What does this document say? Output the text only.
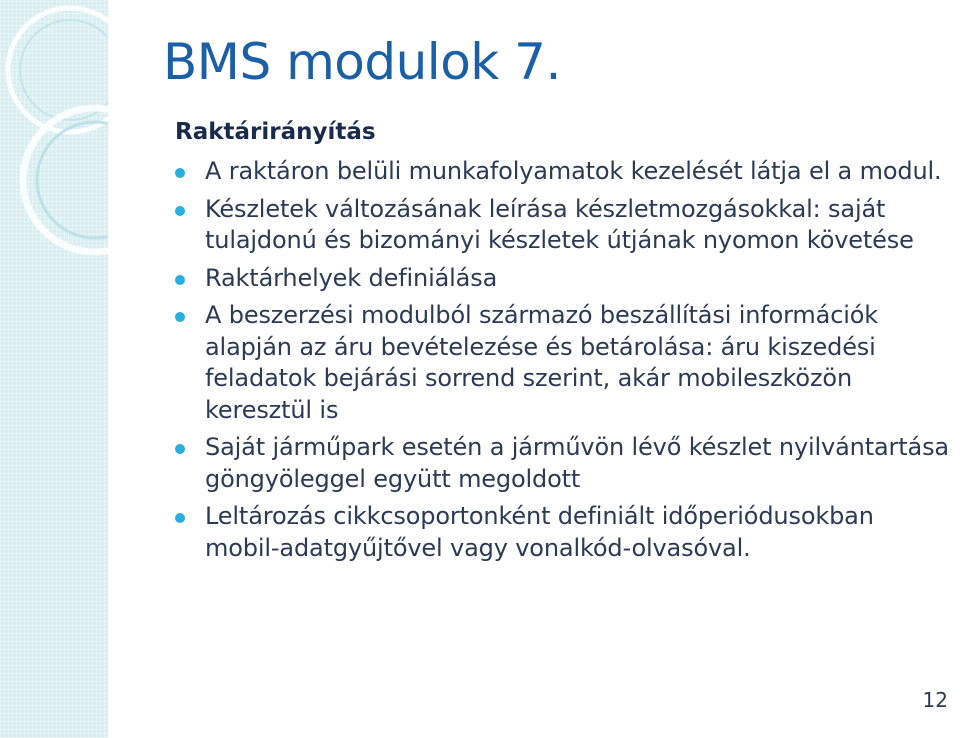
BMS modulok 7.
Raktárirányítás
A raktáron belüli munkafolyamatok kezelését látja el a modul.
Készletek változásának leírása készletmozgásokkal: saját tulajdonú és bizományi készletek útjának nyomon követése
Raktárhelyek definiálása
A beszerzési modulból származó beszállítási információk alapján az áru bevételezése és betárolása: áru kiszedési feladatok bejárási sorrend szerint, akár mobileszközön keresztül is
Saját járműpark esetén a járművön lévő készlet nyilvántartása göngyöleggel együtt megoldott
Leltározás cikkcsoportonként definiált időperiódusokban mobil-adatgyűjtővel vagy vonalkód-olvasóval.
12
